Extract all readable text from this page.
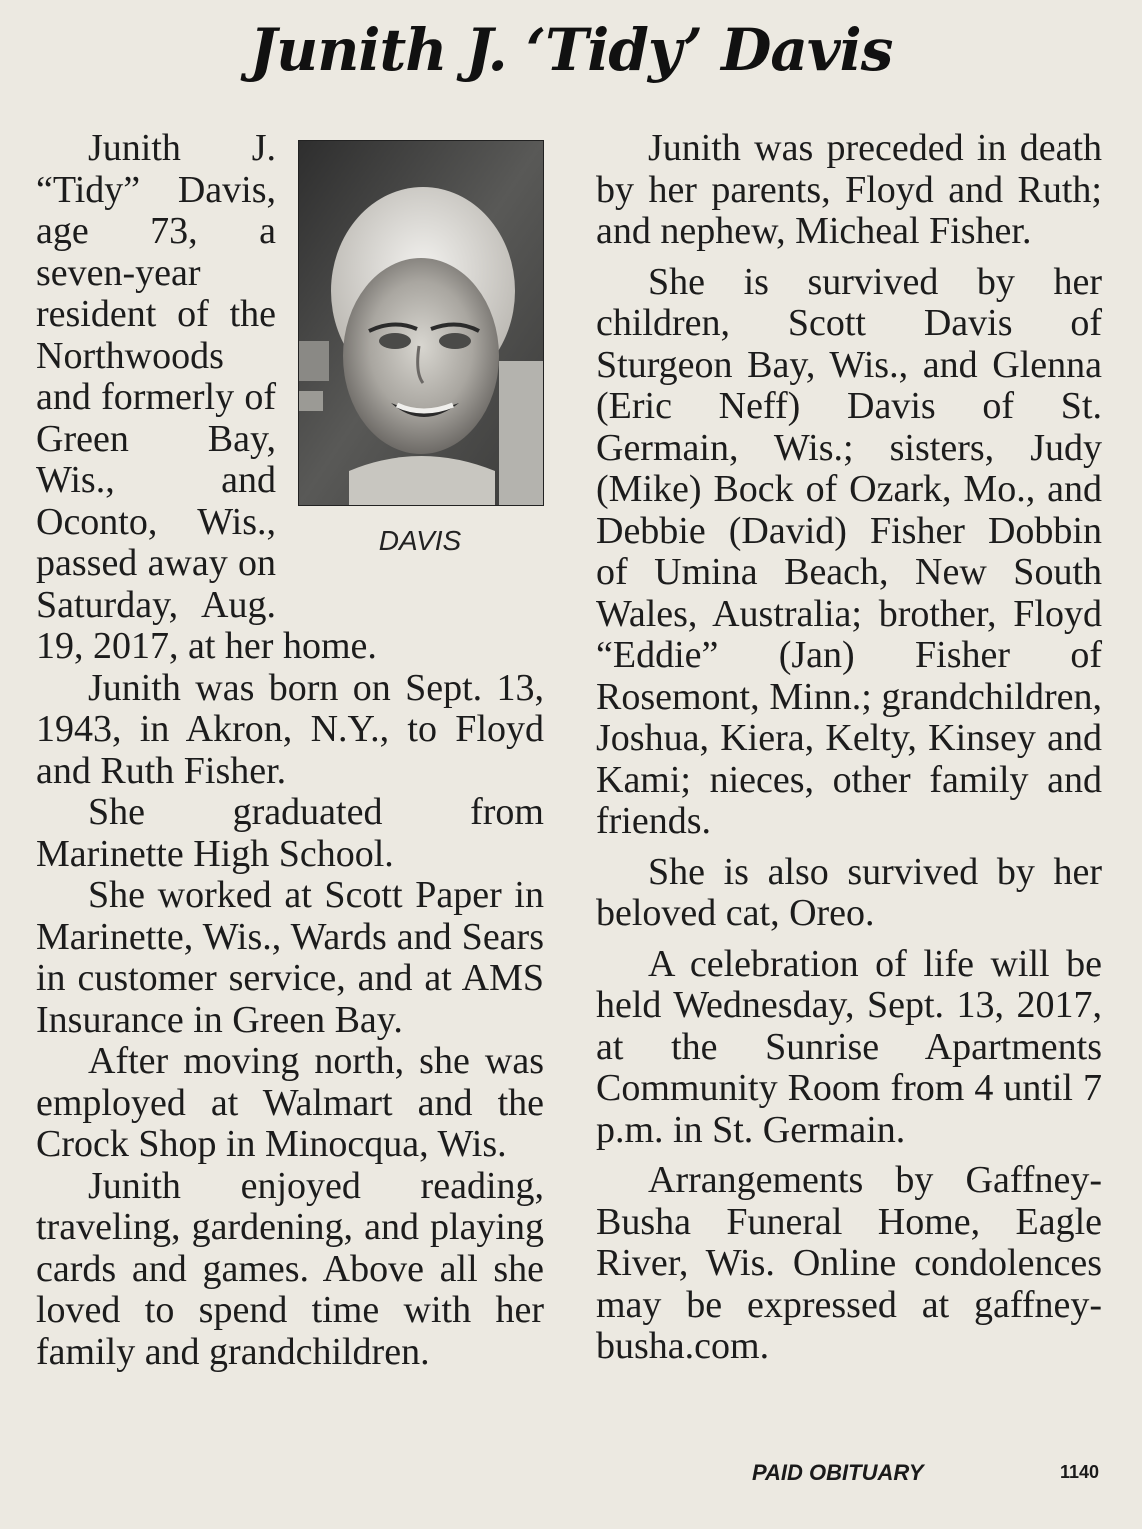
Junith J. ‘Tidy’ Davis
DAVIS

Junith J. “Tidy” Davis, age 73, a seven-year resident of the Northwoods and formerly of Green Bay, Wis., and Oconto, Wis., passed away on Saturday, Aug. 19, 2017, at her home.

Junith was born on Sept. 13, 1943, in Akron, N.Y., to Floyd and Ruth Fisher.

She graduated from Marinette High School.

She worked at Scott Paper in Marinette, Wis., Wards and Sears in customer service, and at AMS Insurance in Green Bay.

After moving north, she was employed at Walmart and the Crock Shop in Minocqua, Wis.

Junith enjoyed reading, traveling, gardening, and playing cards and games. Above all she loved to spend time with her family and grandchildren.

Junith was preceded in death by her parents, Floyd and Ruth; and nephew, Micheal Fisher.

She is survived by her children, Scott Davis of Sturgeon Bay, Wis., and Glenna (Eric Neff) Davis of St. Germain, Wis.; sisters, Judy (Mike) Bock of Ozark, Mo., and Debbie (David) Fisher Dobbin of Umina Beach, New South Wales, Australia; brother, Floyd “Eddie” (Jan) Fisher of Rosemont, Minn.; grandchildren, Joshua, Kiera, Kelty, Kinsey and Kami; nieces, other family and friends.

She is also survived by her beloved cat, Oreo.

A celebration of life will be held Wednesday, Sept. 13, 2017, at the Sunrise Apartments Community Room from 4 until 7 p.m. in St. Germain.

Arrangements by Gaffney-Busha Funeral Home, Eagle River, Wis. Online condolences may be expressed at gaffney-busha.com.

PAID OBITUARY	1140
